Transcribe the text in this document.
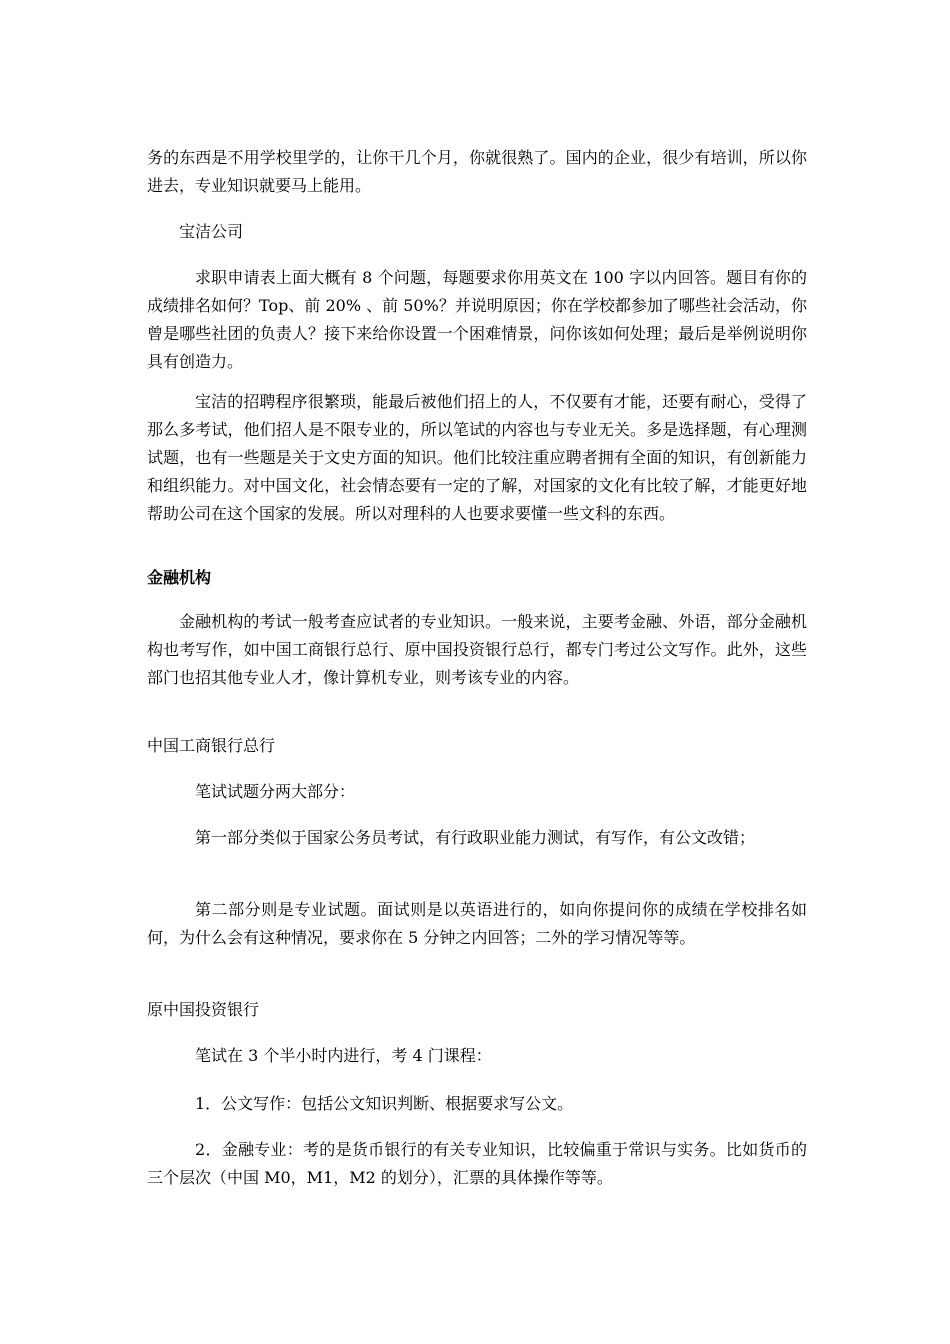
务的东西是不用学校里学的，让你干几个月，你就很熟了。国内的企业，很少有培训，所以你进去，专业知识就要马上能用。

宝洁公司

求职申请表上面大概有 8 个问题，每题要求你用英文在 100 字以内回答。题目有你的成绩排名如何？Top、前 20% 、前 50%？并说明原因；你在学校都参加了哪些社会活动，你曾是哪些社团的负责人？接下来给你设置一个困难情景，问你该如何处理；最后是举例说明你具有创造力。

宝洁的招聘程序很繁琐，能最后被他们招上的人，不仅要有才能，还要有耐心，受得了那么多考试，他们招人是不限专业的，所以笔试的内容也与专业无关。多是选择题，有心理测试题，也有一些题是关于文史方面的知识。他们比较注重应聘者拥有全面的知识，有创新能力和组织能力。对中国文化，社会情态要有一定的了解，对国家的文化有比较了解，才能更好地帮助公司在这个国家的发展。所以对理科的人也要求要懂一些文科的东西。

金融机构

金融机构的考试一般考查应试者的专业知识。一般来说，主要考金融、外语，部分金融机构也考写作，如中国工商银行总行、原中国投资银行总行，都专门考过公文写作。此外，这些部门也招其他专业人才，像计算机专业，则考该专业的内容。

中国工商银行总行

笔试试题分两大部分：

第一部分类似于国家公务员考试，有行政职业能力测试，有写作，有公文改错；

第二部分则是专业试题。面试则是以英语进行的，如向你提问你的成绩在学校排名如何，为什么会有这种情况，要求你在 5 分钟之内回答；二外的学习情况等等。

原中国投资银行

笔试在 3 个半小时内进行，考 4 门课程：

1．公文写作：包括公文知识判断、根据要求写公文。

2．金融专业：考的是货币银行的有关专业知识，比较偏重于常识与实务。比如货币的三个层次（中国 M0，M1，M2 的划分），汇票的具体操作等等。
